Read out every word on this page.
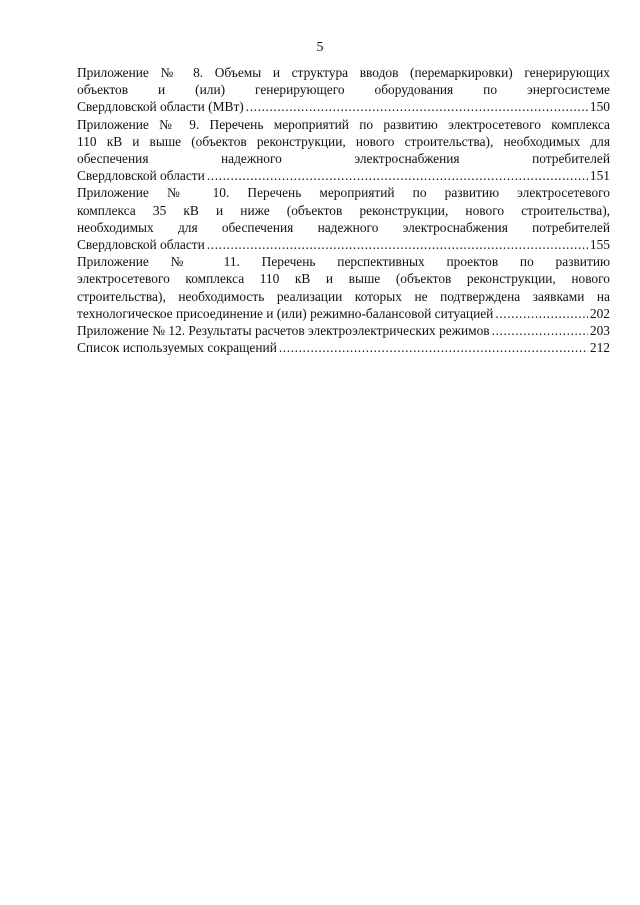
5
Приложение № 8. Объемы и структура вводов (перемаркировки) генерирующих
объектов и (или) генерирующего оборудования по энергосистеме
Свердловской области (МВт) .....	150
Приложение № 9. Перечень мероприятий по развитию электросетевого комплекса
110 кВ и выше (объектов реконструкции, нового строительства), необходимых для
обеспечения надежного электроснабжения потребителей
Свердловской области .....	151
Приложение № 10. Перечень мероприятий по развитию электросетевого
комплекса 35 кВ и ниже (объектов реконструкции, нового строительства),
необходимых для обеспечения надежного электроснабжения потребителей
Свердловской области .....	155
Приложение № 11. Перечень перспективных проектов по развитию
электросетевого комплекса 110 кВ и выше (объектов реконструкции, нового
строительства), необходимость реализации которых не подтверждена заявками на
технологическое присоединение и (или) режимно-балансовой ситуацией .....	202
Приложение № 12. Результаты расчетов электроэлектрических режимов .....	203
Список используемых сокращений .....	212
